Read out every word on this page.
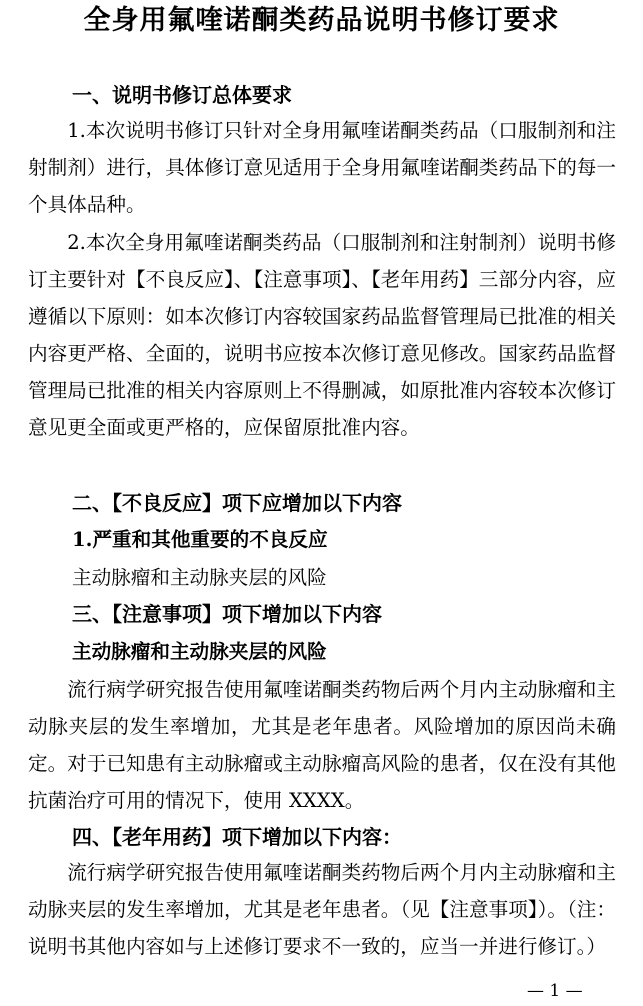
全身用氟喹诺酮类药品说明书修订要求
一、说明书修订总体要求

1.本次说明书修订只针对全身用氟喹诺酮类药品（口服制剂和注射制剂）进行，具体修订意见适用于全身用氟喹诺酮类药品下的每一个具体品种。

2.本次全身用氟喹诺酮类药品（口服制剂和注射制剂）说明书修订主要针对【不良反应】、【注意事项】、【老年用药】三部分内容，应遵循以下原则：如本次修订内容较国家药品监督管理局已批准的相关内容更严格、全面的，说明书应按本次修订意见修改。国家药品监督管理局已批准的相关内容原则上不得删减，如原批准内容较本次修订意见更全面或更严格的，应保留原批准内容。

二、【不良反应】项下应增加以下内容
1.严重和其他重要的不良反应
主动脉瘤和主动脉夹层的风险
三、【注意事项】项下增加以下内容
主动脉瘤和主动脉夹层的风险

流行病学研究报告使用氟喹诺酮类药物后两个月内主动脉瘤和主动脉夹层的发生率增加，尤其是老年患者。风险增加的原因尚未确定。对于已知患有主动脉瘤或主动脉瘤高风险的患者，仅在没有其他抗菌治疗可用的情况下，使用 XXXX。

四、【老年用药】项下增加以下内容：

流行病学研究报告使用氟喹诺酮类药物后两个月内主动脉瘤和主动脉夹层的发生率增加，尤其是老年患者。（见【注意事项】）。（注：说明书其他内容如与上述修订要求不一致的，应当一并进行修订。）

— 1 —
